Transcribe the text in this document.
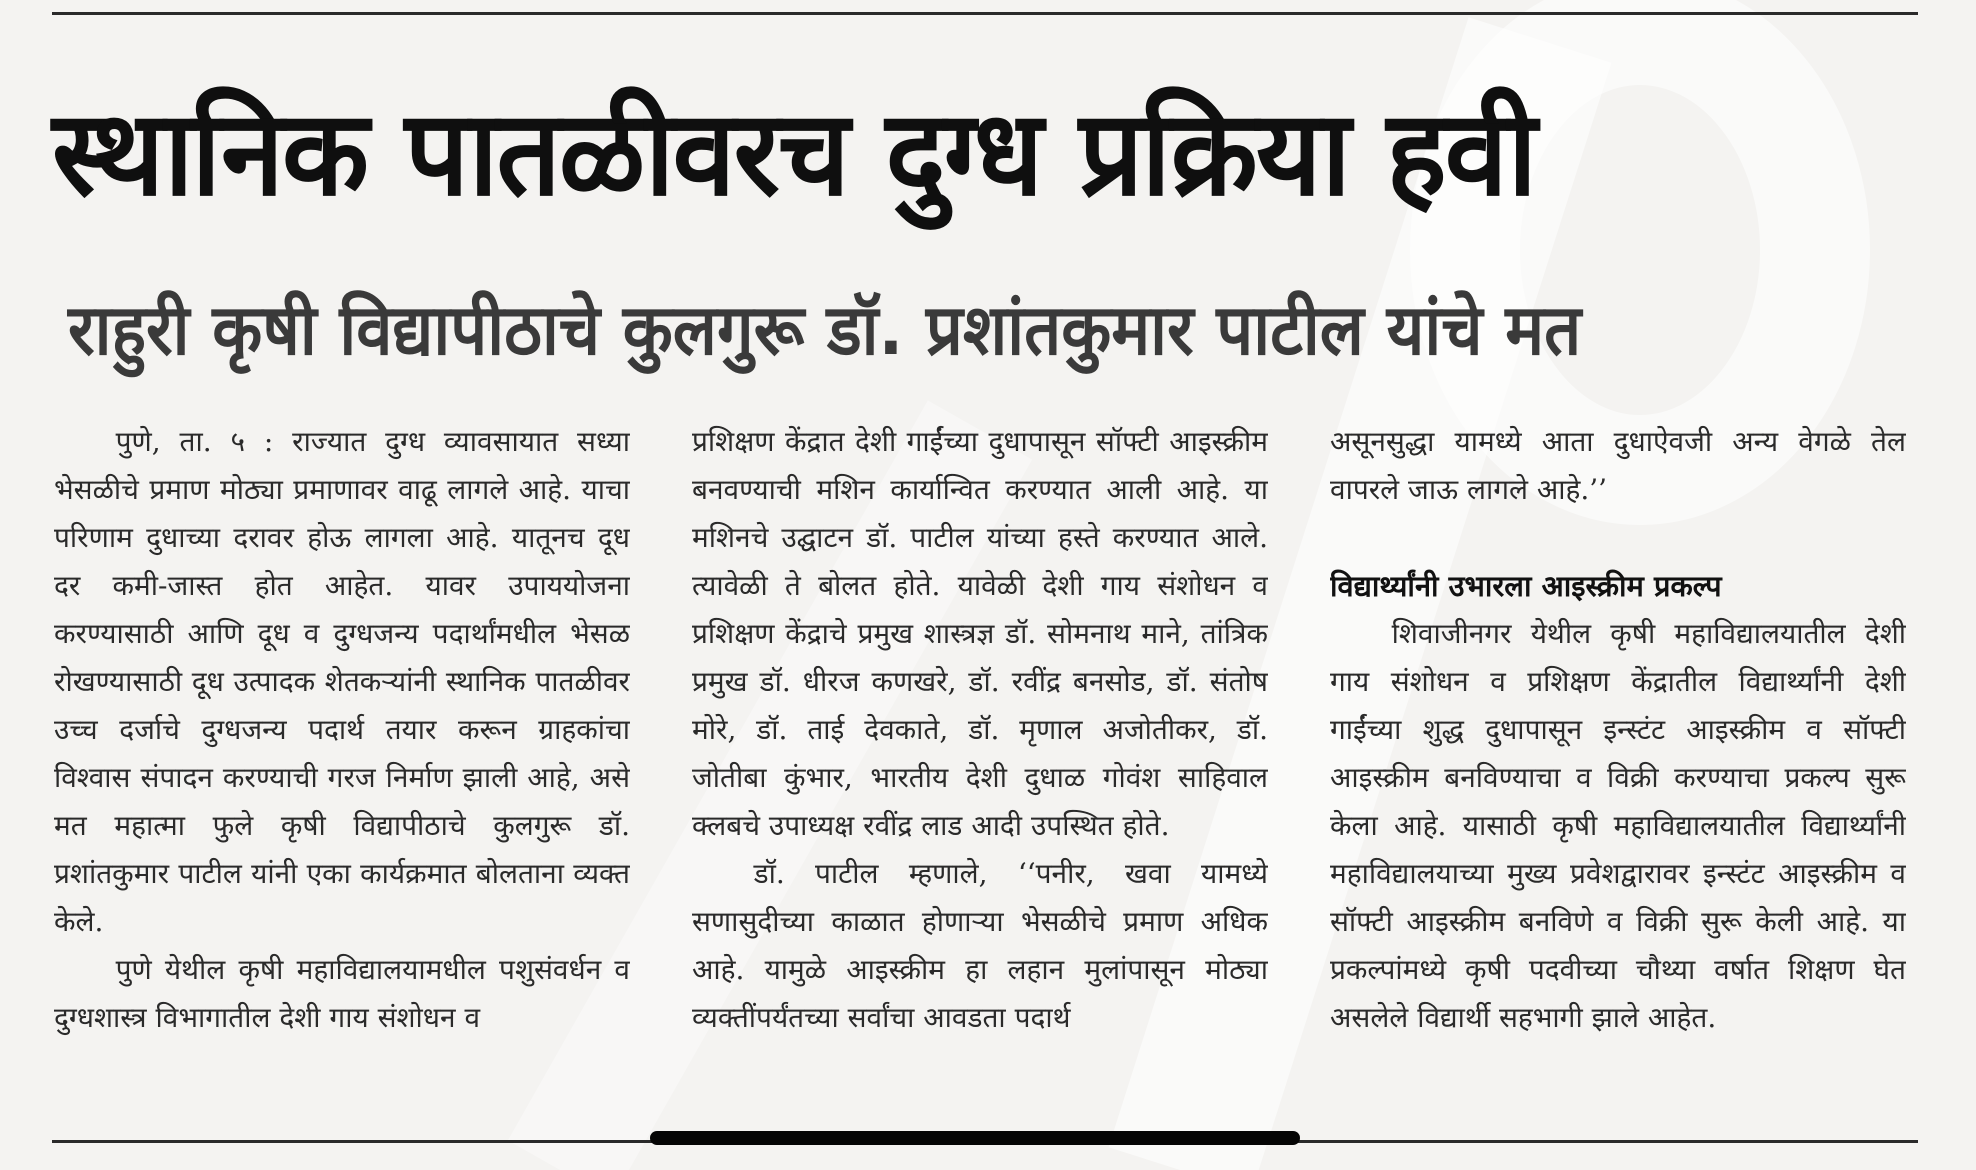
स्थानिक पातळीवरच दुग्ध प्रक्रिया हवी
राहुरी कृषी विद्यापीठाचे कुलगुरू डॉ. प्रशांतकुमार पाटील यांचे मत

पुणे, ता. ५ : राज्यात दुग्ध व्यावसायात सध्या भेसळीचे प्रमाण मोठ्या प्रमाणावर वाढू लागले आहे. याचा परिणाम दुधाच्या दरावर होऊ लागला आहे. यातूनच दूध दर कमी-जास्त होत आहेत. यावर उपाययोजना करण्यासाठी आणि दूध व दुग्धजन्य पदार्थांमधील भेसळ रोखण्यासाठी दूध उत्पादक शेतकऱ्यांनी स्थानिक पातळीवर उच्च दर्जाचे दुग्धजन्य पदार्थ तयार करून ग्राहकांचा विश्वास संपादन करण्याची गरज निर्माण झाली आहे, असे मत महात्मा फुले कृषी विद्यापीठाचे कुलगुरू डॉ. प्रशांतकुमार पाटील यांनी एका कार्यक्रमात बोलताना व्यक्त केले.

पुणे येथील कृषी महाविद्यालयामधील पशुसंवर्धन व दुग्धशास्त्र विभागातील देशी गाय संशोधन व

प्रशिक्षण केंद्रात देशी गाईंच्या दुधापासून सॉफ्टी आइस्क्रीम बनवण्याची मशिन कार्यान्वित करण्यात आली आहे. या मशिनचे उद्घाटन डॉ. पाटील यांच्या हस्ते करण्यात आले. त्यावेळी ते बोलत होते. यावेळी देशी गाय संशोधन व प्रशिक्षण केंद्राचे प्रमुख शास्त्रज्ञ डॉ. सोमनाथ माने, तांत्रिक प्रमुख डॉ. धीरज कणखरे, डॉ. रवींद्र बनसोड, डॉ. संतोष मोरे, डॉ. ताई देवकाते, डॉ. मृणाल अजोतीकर, डॉ. जोतीबा कुंभार, भारतीय देशी दुधाळ गोवंश साहिवाल क्लबचे उपाध्यक्ष रवींद्र लाड आदी उपस्थित होते.

डॉ. पाटील म्हणाले, ‘‘पनीर, खवा यामध्ये सणासुदीच्या काळात होणाऱ्या भेसळीचे प्रमाण अधिक आहे. यामुळे आइस्क्रीम हा लहान मुलांपासून मोठ्या व्यक्तींपर्यंतच्या सर्वांचा आवडता पदार्थ

असूनसुद्धा यामध्ये आता दुधाऐवजी अन्य वेगळे तेल वापरले जाऊ लागले आहे.’’

विद्यार्थ्यांनी उभारला आइस्क्रीम प्रकल्प

शिवाजीनगर येथील कृषी महाविद्यालयातील देशी गाय संशोधन व प्रशिक्षण केंद्रातील विद्यार्थ्यांनी देशी गाईंच्या शुद्ध दुधापासून इन्स्टंट आइस्क्रीम व सॉफ्टी आइस्क्रीम बनविण्याचा व विक्री करण्याचा प्रकल्प सुरू केला आहे. यासाठी कृषी महाविद्यालयातील विद्यार्थ्यांनी महाविद्यालयाच्या मुख्य प्रवेशद्वारावर इन्स्टंट आइस्क्रीम व सॉफ्टी आइस्क्रीम बनविणे व विक्री सुरू केली आहे. या प्रकल्पांमध्ये कृषी पदवीच्या चौथ्या वर्षात शिक्षण घेत असलेले विद्यार्थी सहभागी झाले आहेत.
